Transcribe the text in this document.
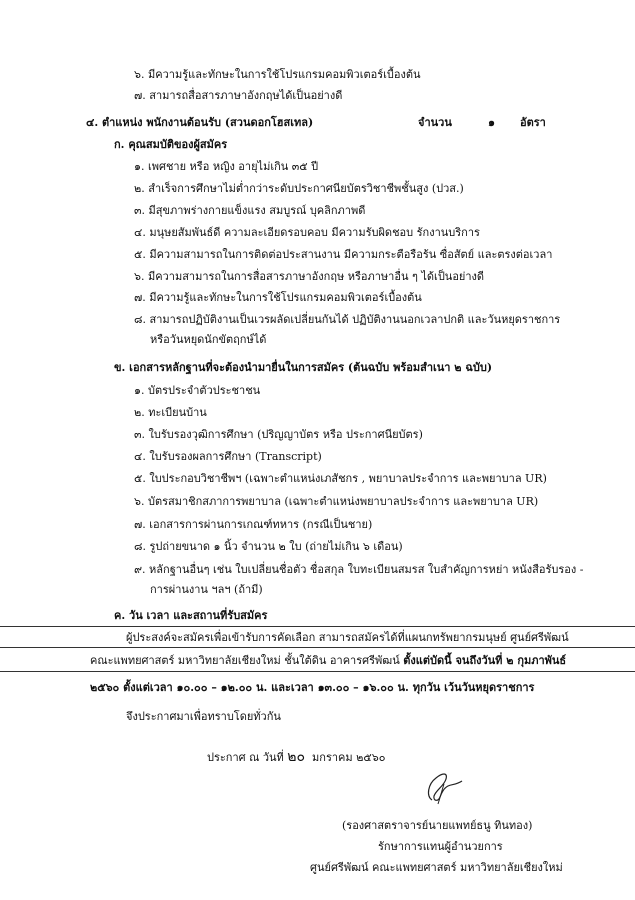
๖. มีความรู้และทักษะในการใช้โปรแกรมคอมพิวเตอร์เบื้องต้น
๗. สามารถสื่อสารภาษาอังกฤษได้เป็นอย่างดี
๔. ตำแหน่ง พนักงานต้อนรับ (สวนดอกโฮสเทล)	จำนวน	๑ อัตรา
ก. คุณสมบัติของผู้สมัคร
๑. เพศชาย หรือ หญิง อายุไม่เกิน ๓๕ ปี
๒. สำเร็จการศึกษาไม่ต่ำกว่าระดับประกาศนียบัตรวิชาชีพชั้นสูง (ปวส.)
๓. มีสุขภาพร่างกายแข็งแรง สมบูรณ์ บุคลิกภาพดี
๔. มนุษยสัมพันธ์ดี ความละเอียดรอบคอบ มีความรับผิดชอบ รักงานบริการ
๕. มีความสามารถในการติดต่อประสานงาน มีความกระตือรือร้น ซื่อสัตย์ และตรงต่อเวลา
๖. มีความสามารถในการสื่อสารภาษาอังกฤษ หรือภาษาอื่น ๆ ได้เป็นอย่างดี
๗. มีความรู้และทักษะในการใช้โปรแกรมคอมพิวเตอร์เบื้องต้น
๘. สามารถปฏิบัติงานเป็นเวรผลัดเปลี่ยนกันได้ ปฏิบัติงานนอกเวลาปกติ และวันหยุดราชการ
หรือวันหยุดนักขัตฤกษ์ได้
ข. เอกสารหลักฐานที่จะต้องนำมายื่นในการสมัคร (ต้นฉบับ พร้อมสำเนา ๒ ฉบับ)
๑. บัตรประจำตัวประชาชน
๒. ทะเบียนบ้าน
๓. ใบรับรองวุฒิการศึกษา (ปริญญาบัตร หรือ ประกาศนียบัตร)
๔. ใบรับรองผลการศึกษา (Transcript)
๕. ใบประกอบวิชาชีพฯ (เฉพาะตำแหน่งเภสัชกร , พยาบาลประจำการ และพยาบาล UR)
๖. บัตรสมาชิกสภาการพยาบาล (เฉพาะตำแหน่งพยาบาลประจำการ และพยาบาล UR)
๗. เอกสารการผ่านการเกณฑ์ทหาร (กรณีเป็นชาย)
๘. รูปถ่ายขนาด ๑ นิ้ว จำนวน ๒ ใบ (ถ่ายไม่เกิน ๖ เดือน)
๙. หลักฐานอื่นๆ เช่น ใบเปลี่ยนชื่อตัว ชื่อสกุล ใบทะเบียนสมรส ใบสำคัญการหย่า หนังสือรับรอง -
การผ่านงาน ฯลฯ (ถ้ามี)
ค. วัน เวลา และสถานที่รับสมัคร
ผู้ประสงค์จะสมัครเพื่อเข้ารับการคัดเลือก สามารถสมัครได้ที่แผนกทรัพยากรมนุษย์ ศูนย์ศรีพัฒน์
คณะแพทยศาสตร์ มหาวิทยาลัยเชียงใหม่ ชั้นใต้ดิน อาคารศรีพัฒน์ ตั้งแต่บัดนี้ จนถึงวันที่ ๒ กุมภาพันธ์
๒๕๖๐ ตั้งแต่เวลา ๑๐.๐๐ – ๑๒.๐๐ น. และเวลา ๑๓.๐๐ – ๑๖.๐๐ น. ทุกวัน เว้นวันหยุดราชการ
จึงประกาศมาเพื่อทราบโดยทั่วกัน
ประกาศ ณ วันที่ ๒๐ มกราคม ๒๕๖๐
(รองศาสตราจารย์นายแพทย์ธนู ทินทอง)
รักษาการแทนผู้อำนวยการ
ศูนย์ศรีพัฒน์ คณะแพทยศาสตร์ มหาวิทยาลัยเชียงใหม่
